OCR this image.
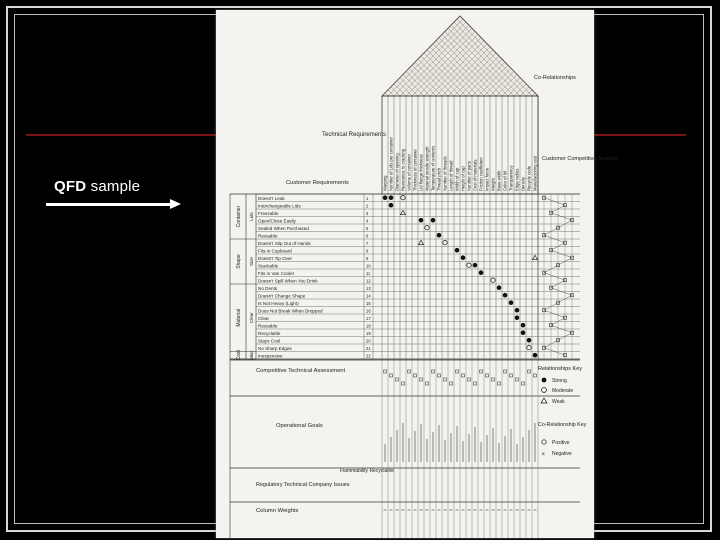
QFD sample
Co-Relationships
Technical Requirements
Warping Number of Lids per container Diameter of opening Resistance to cracking Volume of container Thickness of container Lid flange thickness Material tensile strength Temperature of contents Thread pitch Number of threads Length of thread Width of cap Height of cap Number of parts Cost of materials Friction coefficient Impact force Weight Base width Color of lid Transparency Edge radius Density Recycle code Manufacturing cost
Customer Requirements
Customer Competitive Analysis
Doesn't Leak	1
Interchangeable Lids	2
Freezable	3
Open/Close Easily	4
Sealed When Purchased	5
Reusable	6
Doesn't Slip Out of Hands	7
Fits in Cupboard	8
Doesn't Tip Over	9
Stackable	10
Fits in Van Cooler	11
Doesn't Spill When You Drink	12
No Dents	13
Doesn't Change Shape	14
Is Not Heavy (Light)	15
Does Not Break When Dropped	16
Clear	17
Reusable	18
Recyclable	19
Stays Cool	20
No Sharp Edges	21
Inexpensive	22
Container Lids
Shape Size
Material Clear
Cost Misc
Competitive Technical Assessment
Operational Goals
Regulatory Technical Company Issues
Flammability Recyclable
Column Weights
Relationships Key
Strong
Moderate
Weak
Co-Relationship Key
Positive
× Negative
